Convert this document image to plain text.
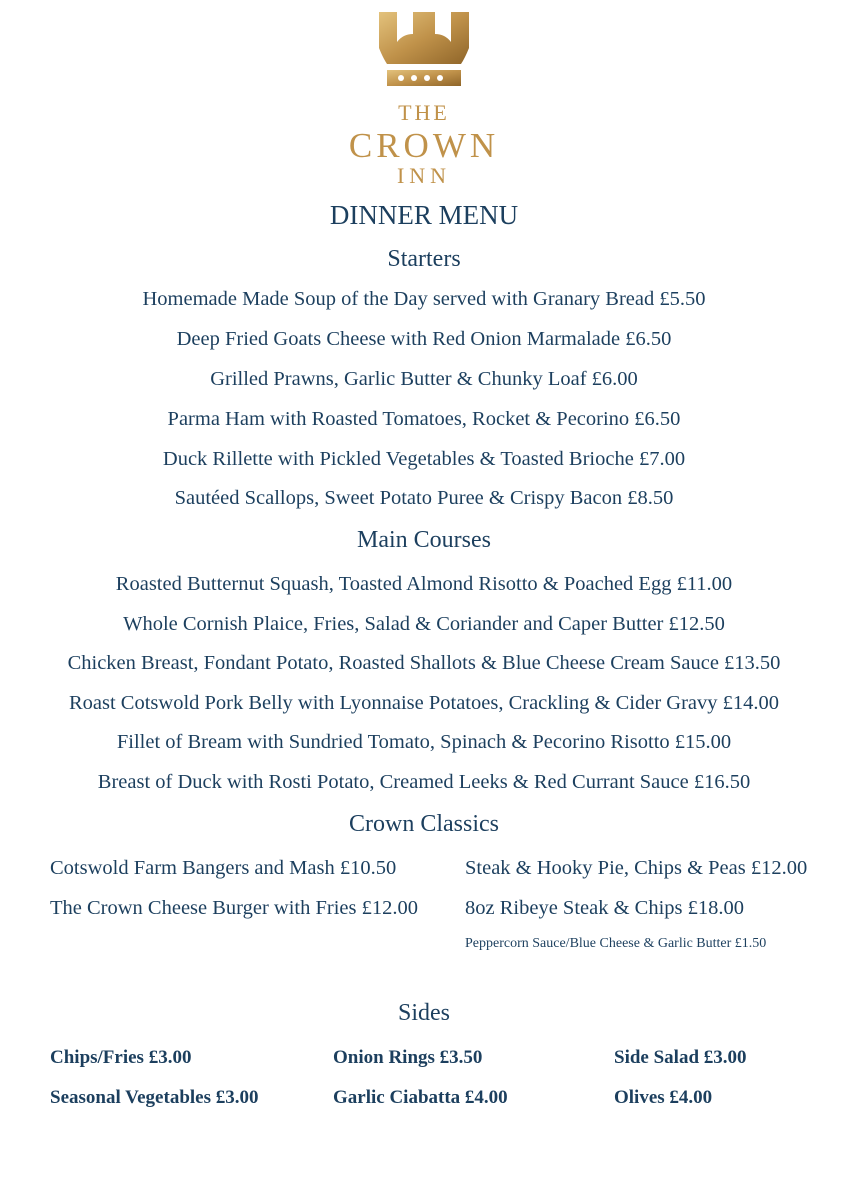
THE
CROWN
INN
DINNER MENU
Starters
Homemade Made Soup of the Day served with Granary Bread £5.50
Deep Fried Goats Cheese with Red Onion Marmalade £6.50
Grilled Prawns, Garlic Butter & Chunky Loaf £6.00
Parma Ham with Roasted Tomatoes, Rocket & Pecorino £6.50
Duck Rillette with Pickled Vegetables & Toasted Brioche £7.00
Sautéed Scallops, Sweet Potato Puree & Crispy Bacon £8.50
Main Courses
Roasted Butternut Squash, Toasted Almond Risotto & Poached Egg £11.00
Whole Cornish Plaice, Fries, Salad & Coriander and Caper Butter £12.50
Chicken Breast, Fondant Potato, Roasted Shallots & Blue Cheese Cream Sauce £13.50
Roast Cotswold Pork Belly with Lyonnaise Potatoes, Crackling & Cider Gravy £14.00
Fillet of Bream with Sundried Tomato, Spinach & Pecorino Risotto £15.00
Breast of Duck with Rosti Potato, Creamed Leeks & Red Currant Sauce £16.50
Crown Classics
Cotswold Farm Bangers and Mash £10.50
The Crown Cheese Burger with Fries £12.00
Steak & Hooky Pie, Chips & Peas £12.00
8oz Ribeye Steak & Chips £18.00
Peppercorn Sauce/Blue Cheese & Garlic Butter £1.50
Sides
Chips/Fries £3.00	Onion Rings £3.50	Side Salad £3.00
Seasonal Vegetables £3.00	Garlic Ciabatta £4.00	Olives £4.00
